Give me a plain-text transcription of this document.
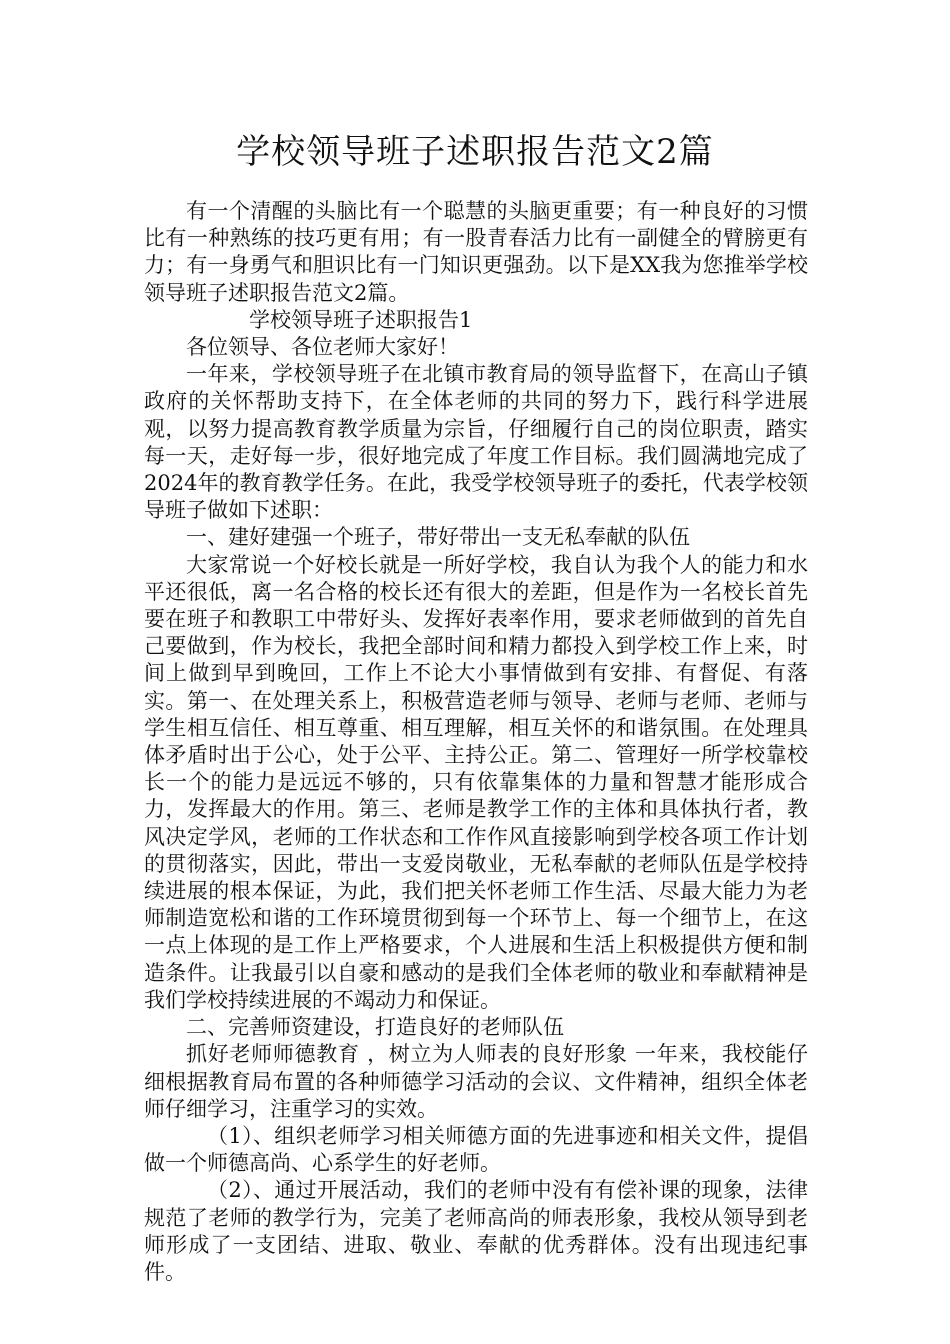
学校领导班子述职报告范文2篇

有一个清醒的头脑比有一个聪慧的头脑更重要；有一种良好的习惯比有一种熟练的技巧更有用；有一股青春活力比有一副健全的臂膀更有力；有一身勇气和胆识比有一门知识更强劲。以下是XX我为您推举学校领导班子述职报告范文2篇。

学校领导班子述职报告1

各位领导、各位老师大家好！

一年来，学校领导班子在北镇市教育局的领导监督下，在高山子镇政府的关怀帮助支持下，在全体老师的共同的努力下，践行科学进展观，以努力提高教育教学质量为宗旨，仔细履行自己的岗位职责，踏实每一天，走好每一步，很好地完成了年度工作目标。我们圆满地完成了2024年的教育教学任务。在此，我受学校领导班子的委托，代表学校领导班子做如下述职：

一、建好建强一个班子，带好带出一支无私奉献的队伍

大家常说一个好校长就是一所好学校，我自认为我个人的能力和水平还很低，离一名合格的校长还有很大的差距，但是作为一名校长首先要在班子和教职工中带好头、发挥好表率作用，要求老师做到的首先自己要做到，作为校长，我把全部时间和精力都投入到学校工作上来，时间上做到早到晚回，工作上不论大小事情做到有安排、有督促、有落实。第一、在处理关系上，积极营造老师与领导、老师与老师、老师与学生相互信任、相互尊重、相互理解，相互关怀的和谐氛围。在处理具体矛盾时出于公心，处于公平、主持公正。第二、管理好一所学校靠校长一个的能力是远远不够的，只有依靠集体的力量和智慧才能形成合力，发挥最大的作用。第三、老师是教学工作的主体和具体执行者，教风决定学风，老师的工作状态和工作作风直接影响到学校各项工作计划的贯彻落实，因此，带出一支爱岗敬业，无私奉献的老师队伍是学校持续进展的根本保证，为此，我们把关怀老师工作生活、尽最大能力为老师制造宽松和谐的工作环境贯彻到每一个环节上、每一个细节上，在这一点上体现的是工作上严格要求，个人进展和生活上积极提供方便和制造条件。让我最引以自豪和感动的是我们全体老师的敬业和奉献精神是我们学校持续进展的不竭动力和保证。

二、完善师资建设，打造良好的老师队伍

抓好老师师德教育 ，树立为人师表的良好形象 一年来，我校能仔细根据教育局布置的各种师德学习活动的会议、文件精神，组织全体老师仔细学习，注重学习的实效。

（1）、组织老师学习相关师德方面的先进事迹和相关文件，提倡做一个师德高尚、心系学生的好老师。

（2）、通过开展活动，我们的老师中没有有偿补课的现象，法律规范了老师的教学行为，完美了老师高尚的师表形象，我校从领导到老师形成了一支团结、进取、敬业、奉献的优秀群体。没有出现违纪事件。
